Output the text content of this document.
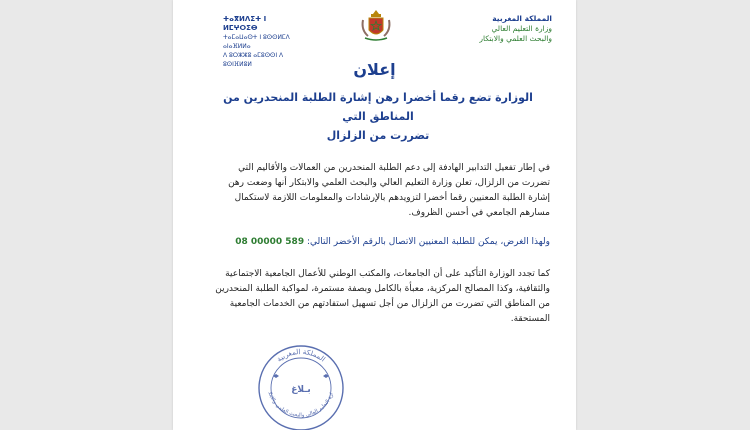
ⵜⴰⴳⵍⴷⵉⵜ ⵏ ⵍⵎⵖⵔⵉⴱ
ⵜⴰⵎⴰⵡⴰⵙⵜ ⵏ ⵓⵙⵙⵍⵎⴷ ⴰⵏⴰⴼⵍⵍⴰ
ⴷ ⵓⵔⵣⵣⵓ ⴰⵎⵓⵙⵙⵏ ⴷ ⵓⵙⵏⴼⵍⵓⵍ
المملكة المغربية
وزارة التعليم العالي
والبحث العلمي والابتكار
إعلان
الوزارة تضع رقما أخضرا رهن إشارة الطلبة المنحدرين من المناطق التي
تضررت من الزلزال
في إطار تفعيل التدابير الهادفة إلى دعم الطلبة المنحدرين من العمالات والأقاليم التي تضررت من الزلزال، تعلن وزارة التعليم العالي والبحث العلمي والابتكار أنها وضعت رهن إشارة الطلبة المعنيين رقما أخضرا لتزويدهم بالإرشادات والمعلومات اللازمة لاستكمال مسارهم الجامعي في أحسن الظروف.
ولهذا الغرض، يمكن للطلبة المعنيين الاتصال بالرقم الأخضر التالي: 08 00000 589
كما تجدد الوزارة التأكيد على أن الجامعات، والمكتب الوطني للأعمال الجامعية الاجتماعية والثقافية، وكذا المصالح المركزية، معبأة بالكامل وبصفة مستمرة، لمواكبة الطلبة المنحدرين من المناطق التي تضررت من الزلزال من أجل تسهيل استفادتهم من الخدمات الجامعية المستحقة.
المملكة المغربية
ارة التعليم العالي والبحث العلمي والابتكار
بـلاغ
